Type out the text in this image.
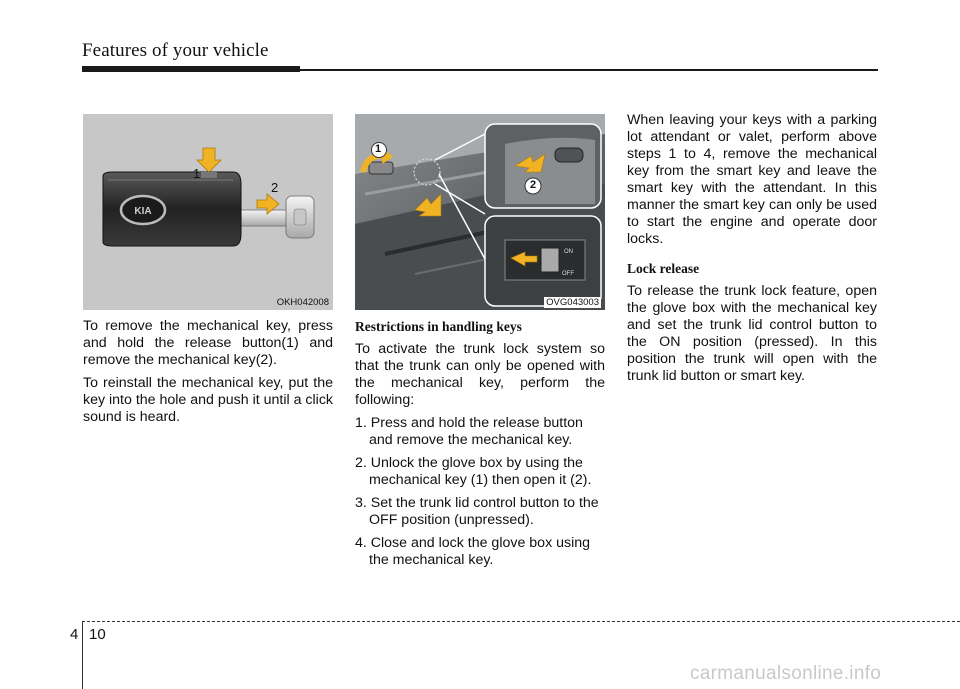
Features of your vehicle
KIA
1
2
OKH042008
1
2
ON
OFF
OVG043003

To remove the mechanical key, press and hold the release button(1) and remove the mechanical key(2).

To reinstall the mechanical key, put the key into the hole and push it until a click sound is heard.

Restrictions in handling keys

To activate the trunk lock system so that the trunk can only be opened with the mechanical key, perform the following:

1. Press and hold the release button and remove the mechanical key.
2. Unlock the glove box by using the mechanical key (1) then open it (2).
3. Set the trunk lid control button to the OFF position (unpressed).
4. Close and lock the glove box using the mechanical key.

When leaving your keys with a parking lot attendant or valet, perform above steps 1 to 4, remove the mechanical key from the smart key and leave the smart key with the attendant. In this manner the smart key can only be used to start the engine and operate door locks.

Lock release

To release the trunk lock feature, open the glove box with the mechanical key and set the trunk lid control button to the ON position (pressed). In this position the trunk will open with the trunk lid button or smart key.

4 10
carmanualsonline.info
